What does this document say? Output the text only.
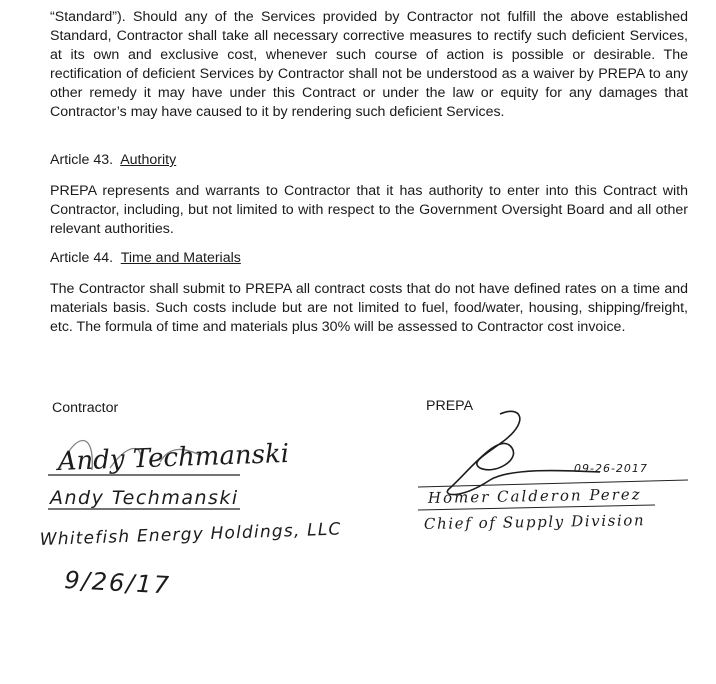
“Standard”). Should any of the Services provided by Contractor not fulfill the above established Standard, Contractor shall take all necessary corrective measures to rectify such deficient Services, at its own and exclusive cost, whenever such course of action is possible or desirable. The rectification of deficient Services by Contractor shall not be understood as a waiver by PREPA to any other remedy it may have under this Contract or under the law or equity for any damages that Contractor’s may have caused to it by rendering such deficient Services.

Article 43. Authority

PREPA represents and warrants to Contractor that it has authority to enter into this Contract with Contractor, including, but not limited to with respect to the Government Oversight Board and all other relevant authorities.

Article 44. Time and Materials

The Contractor shall submit to PREPA all contract costs that do not have defined rates on a time and materials basis. Such costs include but are not limited to fuel, food/water, housing, shipping/freight, etc. The formula of time and materials plus 30% will be assessed to Contractor cost invoice.

Contractor	PREPA

Andy Techmanski
Andy Techmanski
Whitefish Energy Holdings, LLC
9/26/17
09-26-2017
Homer Calderon Perez
Chief of Supply Division
